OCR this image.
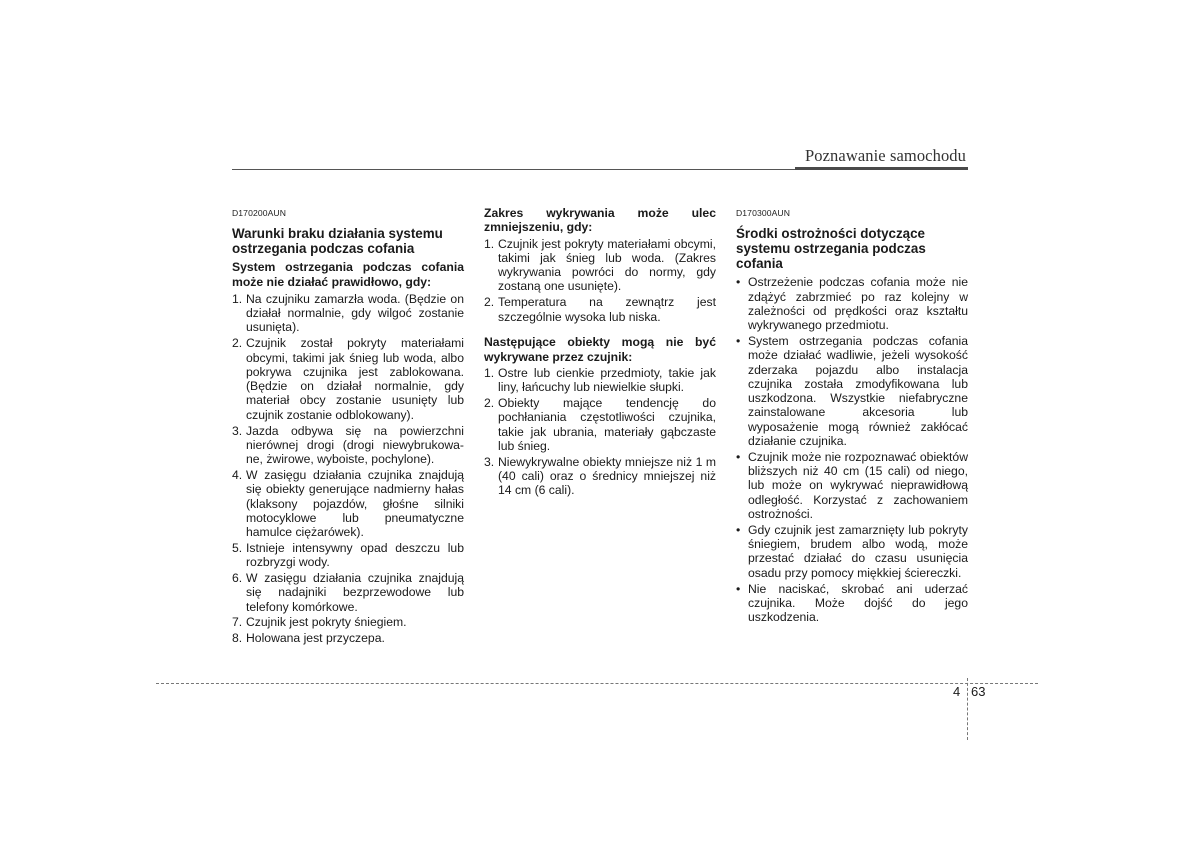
Poznawanie samochodu
D170200AUN
Warunki braku działania systemu ostrzegania podczas cofania
System ostrzegania podczas cofania może nie działać prawidłowo, gdy:
1. Na czujniku zamarzła woda. (Będzie on działał normalnie, gdy wilgoć zostanie usunięta).
2. Czujnik został pokryty materiałami obcymi, takimi jak śnieg lub woda, albo pokrywa czujnika jest zablokowana. (Będzie on działał normalnie, gdy materiał obcy zostanie usunięty lub czujnik zostanie odblokowany).
3. Jazda odbywa się na powierzchni nierównej drogi (drogi niewybrukowa- ne, żwirowe, wyboiste, pochylone).
4. W zasięgu działania czujnika znajdują się obiekty generujące nadmierny hałas (klaksony pojazdów, głośne silniki motocyklowe lub pneumatyczne hamulce ciężarówek).
5. Istnieje intensywny opad deszczu lub rozbryzgi wody.
6. W zasięgu działania czujnika znajdują się nadajniki bezprzewodowe lub telefony komórkowe.
7. Czujnik jest pokryty śniegiem.
8. Holowana jest przyczepa.
Zakres wykrywania może ulec zmniejszeniu, gdy:
1. Czujnik jest pokryty materiałami obcymi, takimi jak śnieg lub woda. (Zakres wykrywania powróci do normy, gdy zostaną one usunięte).
2. Temperatura na zewnątrz jest szczególnie wysoka lub niska.
Następujące obiekty mogą nie być wykrywane przez czujnik:
1. Ostre lub cienkie przedmioty, takie jak liny, łańcuchy lub niewielkie słupki.
2. Obiekty mające tendencję do pochłaniania częstotliwości czujnika, takie jak ubrania, materiały gąbczaste lub śnieg.
3. Niewykrywalne obiekty mniejsze niż 1 m (40 cali) oraz o średnicy mniejszej niż 14 cm (6 cali).
D170300AUN
Środki ostrożności dotyczące systemu ostrzegania podczas cofania
• Ostrzeżenie podczas cofania może nie zdążyć zabrzmieć po raz kolejny w zależności od prędkości oraz kształtu wykrywanego przedmiotu.
• System ostrzegania podczas cofania może działać wadliwie, jeżeli wysokość zderzaka pojazdu albo instalacja czujnika została zmodyfikowana lub uszkodzona. Wszystkie niefabryczne zainstalowane akcesoria lub wyposażenie mogą również zakłócać działanie czujnika.
• Czujnik może nie rozpoznawać obiektów bliższych niż 40 cm (15 cali) od niego, lub może on wykrywać nieprawidłową odległość. Korzystać z zachowaniem ostrożności.
• Gdy czujnik jest zamarznięty lub pokryty śniegiem, brudem albo wodą, może przestać działać do czasu usunięcia osadu przy pomocy miękkiej ściereczki.
• Nie naciskać, skrobać ani uderzać czujnika. Może dojść do jego uszkodzenia.
4 63
